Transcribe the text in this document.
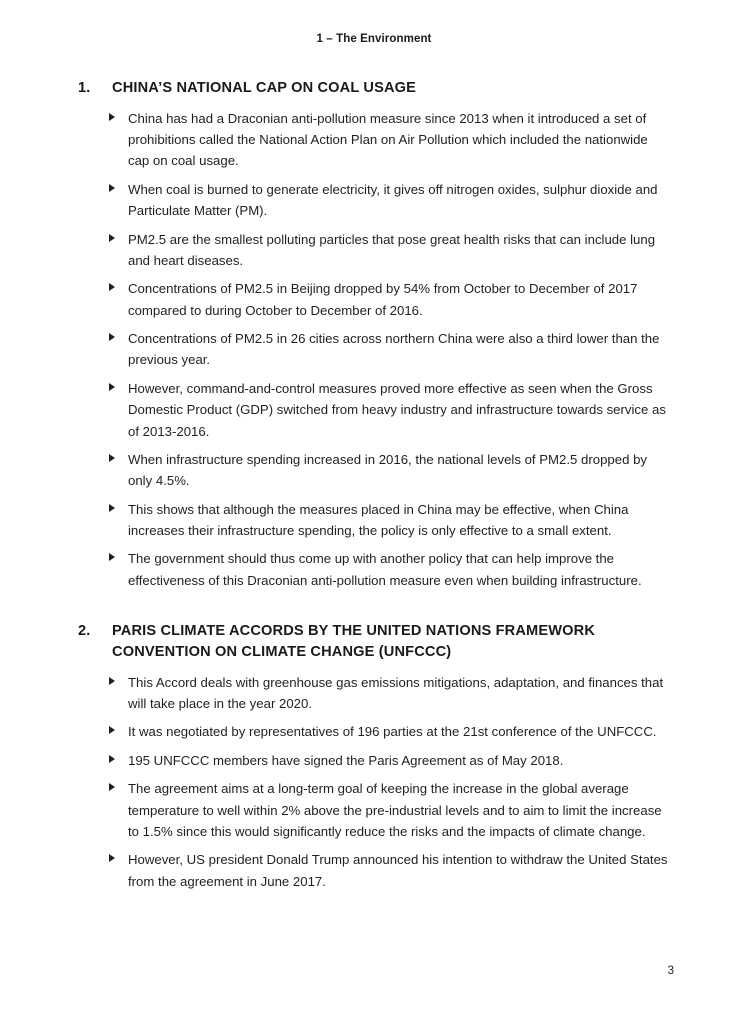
1 – The Environment
1.	CHINA’S NATIONAL CAP ON COAL USAGE
China has had a Draconian anti-pollution measure since 2013 when it introduced a set of prohibitions called the National Action Plan on Air Pollution which included the nationwide cap on coal usage.
When coal is burned to generate electricity, it gives off nitrogen oxides, sulphur dioxide and Particulate Matter (PM).
PM2.5 are the smallest polluting particles that pose great health risks that can include lung and heart diseases.
Concentrations of PM2.5 in Beijing dropped by 54% from October to December of 2017 compared to during October to December of 2016.
Concentrations of PM2.5 in 26 cities across northern China were also a third lower than the previous year.
However, command-and-control measures proved more effective as seen when the Gross Domestic Product (GDP) switched from heavy industry and infrastructure towards service as of 2013-2016.
When infrastructure spending increased in 2016, the national levels of PM2.5 dropped by only 4.5%.
This shows that although the measures placed in China may be effective, when China increases their infrastructure spending, the policy is only effective to a small extent.
The government should thus come up with another policy that can help improve the effectiveness of this Draconian anti-pollution measure even when building infrastructure.
2.	PARIS CLIMATE ACCORDS BY THE UNITED NATIONS FRAMEWORK CONVENTION ON CLIMATE CHANGE (UNFCCC)
This Accord deals with greenhouse gas emissions mitigations, adaptation, and finances that will take place in the year 2020.
It was negotiated by representatives of 196 parties at the 21st conference of the UNFCCC.
195 UNFCCC members have signed the Paris Agreement as of May 2018.
The agreement aims at a long-term goal of keeping the increase in the global average temperature to well within 2% above the pre-industrial levels and to aim to limit the increase to 1.5% since this would significantly reduce the risks and the impacts of climate change.
However, US president Donald Trump announced his intention to withdraw the United States from the agreement in June 2017.
3
